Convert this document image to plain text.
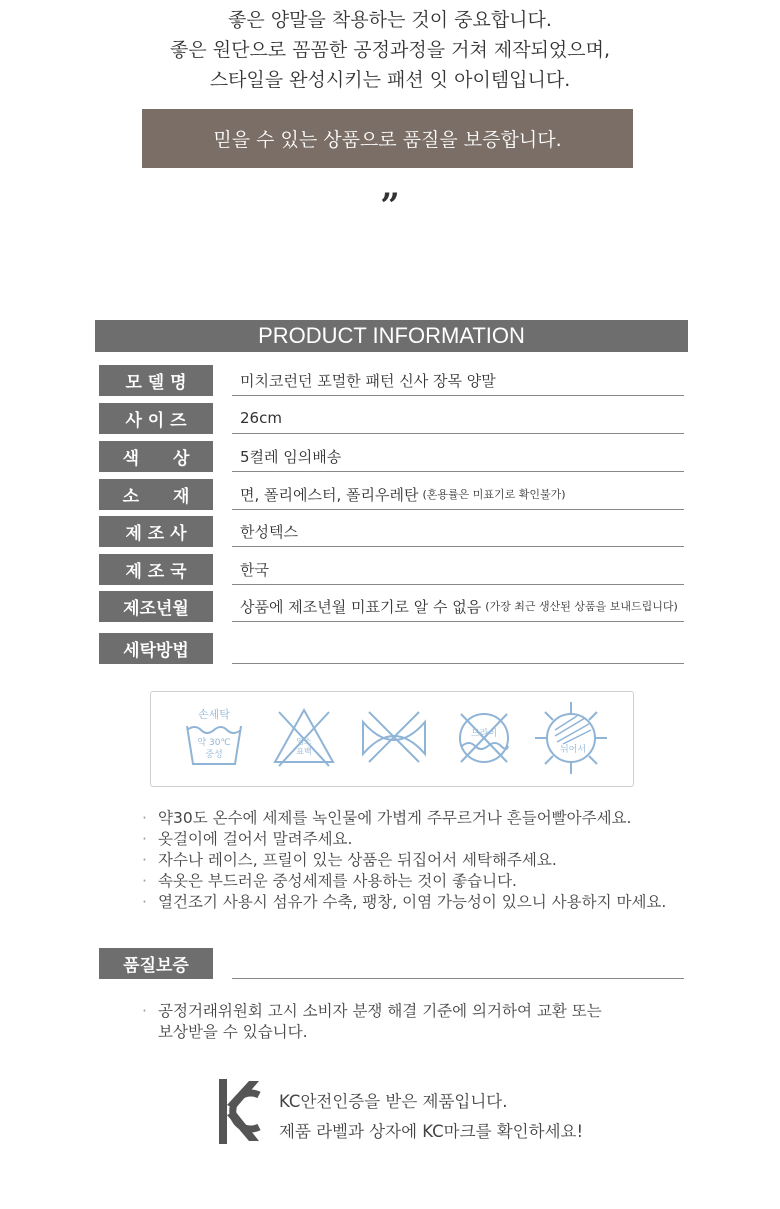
좋은 양말을 착용하는 것이 중요합니다.
좋은 원단으로 꼼꼼한 공정과정을 거쳐 제작되었으며,
스타일을 완성시키는 패션 잇 아이템입니다.
믿을 수 있는 상품으로 품질을 보증합니다.
”
PRODUCT INFORMATION
모 델 명	미치코런던 포멀한 패턴 신사 장목 양말
사 이 즈	26cm
색　　상	5켤레 임의배송
소　　재	면, 폴리에스터, 폴리우레탄 (혼용률은 미표기로 확인불가)
제 조 사	한성텍스
제 조 국	한국
제조년월	상품에 제조년월 미표기로 알 수 없음 (가장 최근 생산된 상품을 보내드립니다)
세탁방법
손세탁
약 30℃
중성
염소
표백
드라이
뉘어서
· 약30도 온수에 세제를 녹인물에 가볍게 주무르거나 흔들어빨아주세요.
· 옷걸이에 걸어서 말려주세요.
· 자수나 레이스, 프릴이 있는 상품은 뒤집어서 세탁해주세요.
· 속옷은 부드러운 중성세제를 사용하는 것이 좋습니다.
· 열건조기 사용시 섬유가 수축, 팽창, 이염 가능성이 있으니 사용하지 마세요.
품질보증
· 공정거래위원회 고시 소비자 분쟁 해결 기준에 의거하여 교환 또는
보상받을 수 있습니다.
KC안전인증을 받은 제품입니다.
제품 라벨과 상자에 KC마크를 확인하세요!
